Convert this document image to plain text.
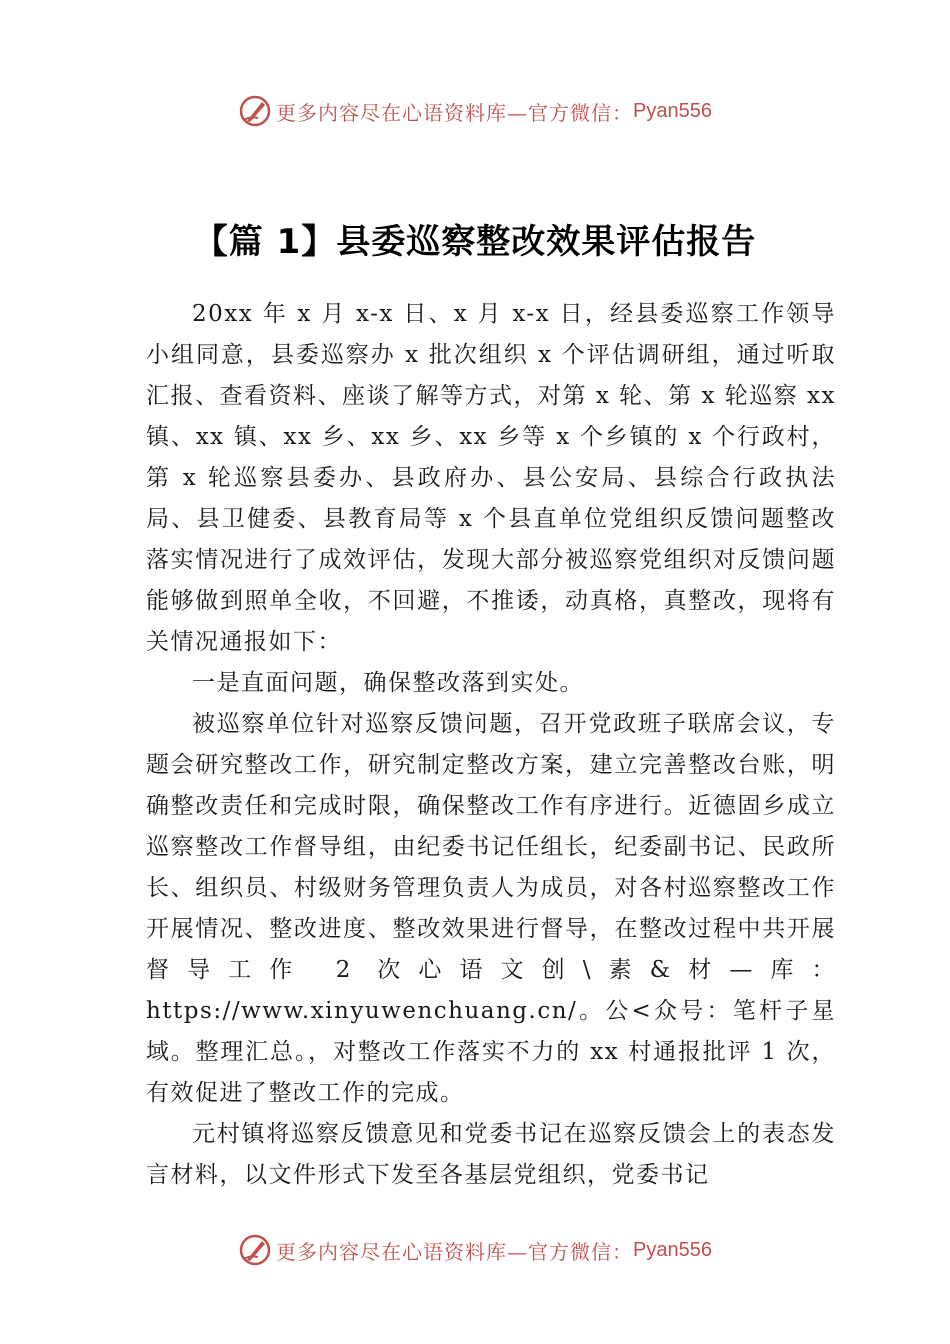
更多内容尽在心语资料库—官方微信： Pyan556
【篇 1】县委巡察整改效果评估报告

20xx 年 x 月 x-x 日、x 月 x-x 日，经县委巡察工作领导小组同意，县委巡察办 x 批次组织 x 个评估调研组，通过听取汇报、查看资料、座谈了解等方式，对第 x 轮、第 x 轮巡察 xx 镇、xx 镇、xx 乡、xx 乡、xx 乡等 x 个乡镇的 x 个行政村，第 x 轮巡察县委办、县政府办、县公安局、县综合行政执法局、县卫健委、县教育局等 x 个县直单位党组织反馈问题整改落实情况进行了成效评估，发现大部分被巡察党组织对反馈问题能够做到照单全收，不回避，不推诿，动真格，真整改，现将有关情况通报如下：

一是直面问题，确保整改落到实处。

被巡察单位针对巡察反馈问题，召开党政班子联席会议，专题会研究整改工作，研究制定整改方案，建立完善整改台账，明确整改责任和完成时限，确保整改工作有序进行。近德固乡成立巡察整改工作督导组，由纪委书记任组长，纪委副书记、民政所长、组织员、村级财务管理负责人为成员，对各村巡察整改工作开展情况、整改进度、整改效果进行督导，在整改过程中共开展督导工作 2 次心语文创\素&材—库：https://www.xinyuwenchuang.cn/。公<众号：笔杆子星域。整理汇总。，对整改工作落实不力的 xx 村通报批评 1 次，有效促进了整改工作的完成。

元村镇将巡察反馈意见和党委书记在巡察反馈会上的表态发言材料，以文件形式下发至各基层党组织，党委书记

更多内容尽在心语资料库—官方微信： Pyan556
